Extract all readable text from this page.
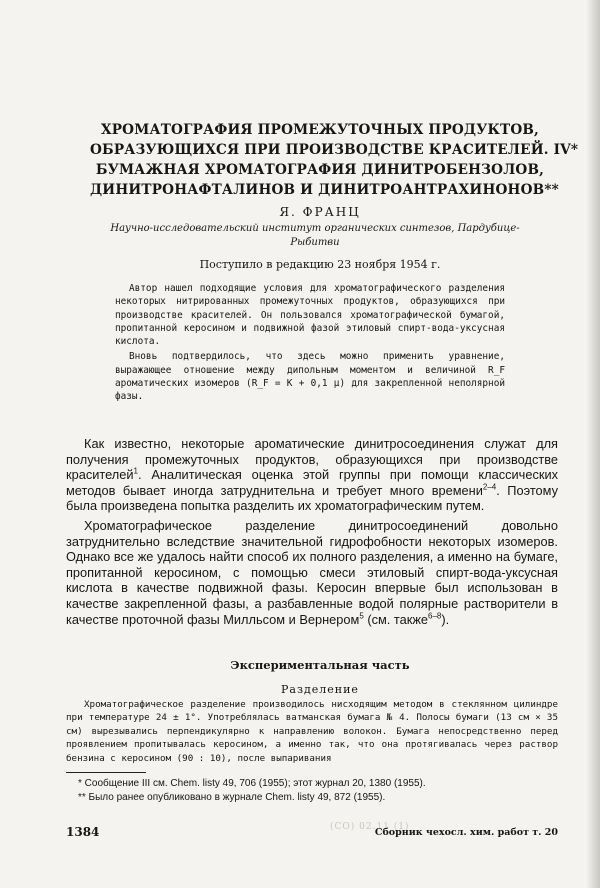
ХРОМАТОГРАФИЯ ПРОМЕЖУТОЧНЫХ ПРОДУКТОВ,
ОБРАЗУЮЩИХСЯ ПРИ ПРОИЗВОДСТВЕ КРАСИТЕЛЕЙ. IV*
БУМАЖНАЯ ХРОМАТОГРАФИЯ ДИНИТРОБЕНЗОЛОВ,
ДИНИТРОНАФТАЛИНОВ И ДИНИТРОАНТРАХИНОНОВ**
Я. ФРАНЦ
Научно-исследовательский институт органических синтезов, Пардубице-Рыбитви
Поступило в редакцию 23 ноября 1954 г.

Автор нашел подходящие условия для хроматографического разделения некоторых нитрированных промежуточных продуктов, образующихся при производстве красителей. Он пользовался хроматографической бумагой, пропитанной керосином и подвижной фазой этиловый спирт-вода-уксусная кислота.

Вновь подтвердилось, что здесь можно применить уравнение, выражающее отношение между дипольным моментом и величиной R_F ароматических изомеров (R_F = K + 0,1 μ) для закрепленной неполярной фазы.

Как известно, некоторые ароматические динитросоединения служат для получения промежуточных продуктов, образующихся при производстве красителей$^1$. Аналитическая оценка этой группы при помощи классических методов бывает иногда затруднительна и требует много времени$^{2-4}$. Поэтому была произведена попытка разделить их хроматографическим путем.

Хроматографическое разделение динитросоединений довольно затруднительно вследствие значительной гидрофобности некоторых изомеров. Однако все же удалось найти способ их полного разделения, а именно на бумаге, пропитанной керосином, с помощью смеси этиловый спирт-вода-уксусная кислота в качестве подвижной фазы. Керосин впервые был использован в качестве закрепленной фазы, а разбавленные водой полярные растворители в качестве проточной фазы Милльсом и Вернером$^5$ (см. также$^{6-8}$).

Экспериментальная часть
Разделение

Хроматографическое разделение производилось нисходящим методом в стеклянном цилиндре при температуре 24 ± 1°. Употреблялась ватманская бумага № 4. Полосы бумаги (13 см × 35 см) вырезывались перпендикулярно к направлению волокон. Бумага непосредственно перед проявлением пропитывалась керосином, а именно так, что она протягивалась через раствор бензина с керосином (90 : 10), после выпаривания

* Сообщение III см. Chem. listy 49, 706 (1955); этот журнал 20, 1380 (1955).
** Было ранее опубликовано в журнале Chem. listy 49, 872 (1955).
1384	(CO) 02.11 (1)
Сборник чехосл. хим. работ т. 20
